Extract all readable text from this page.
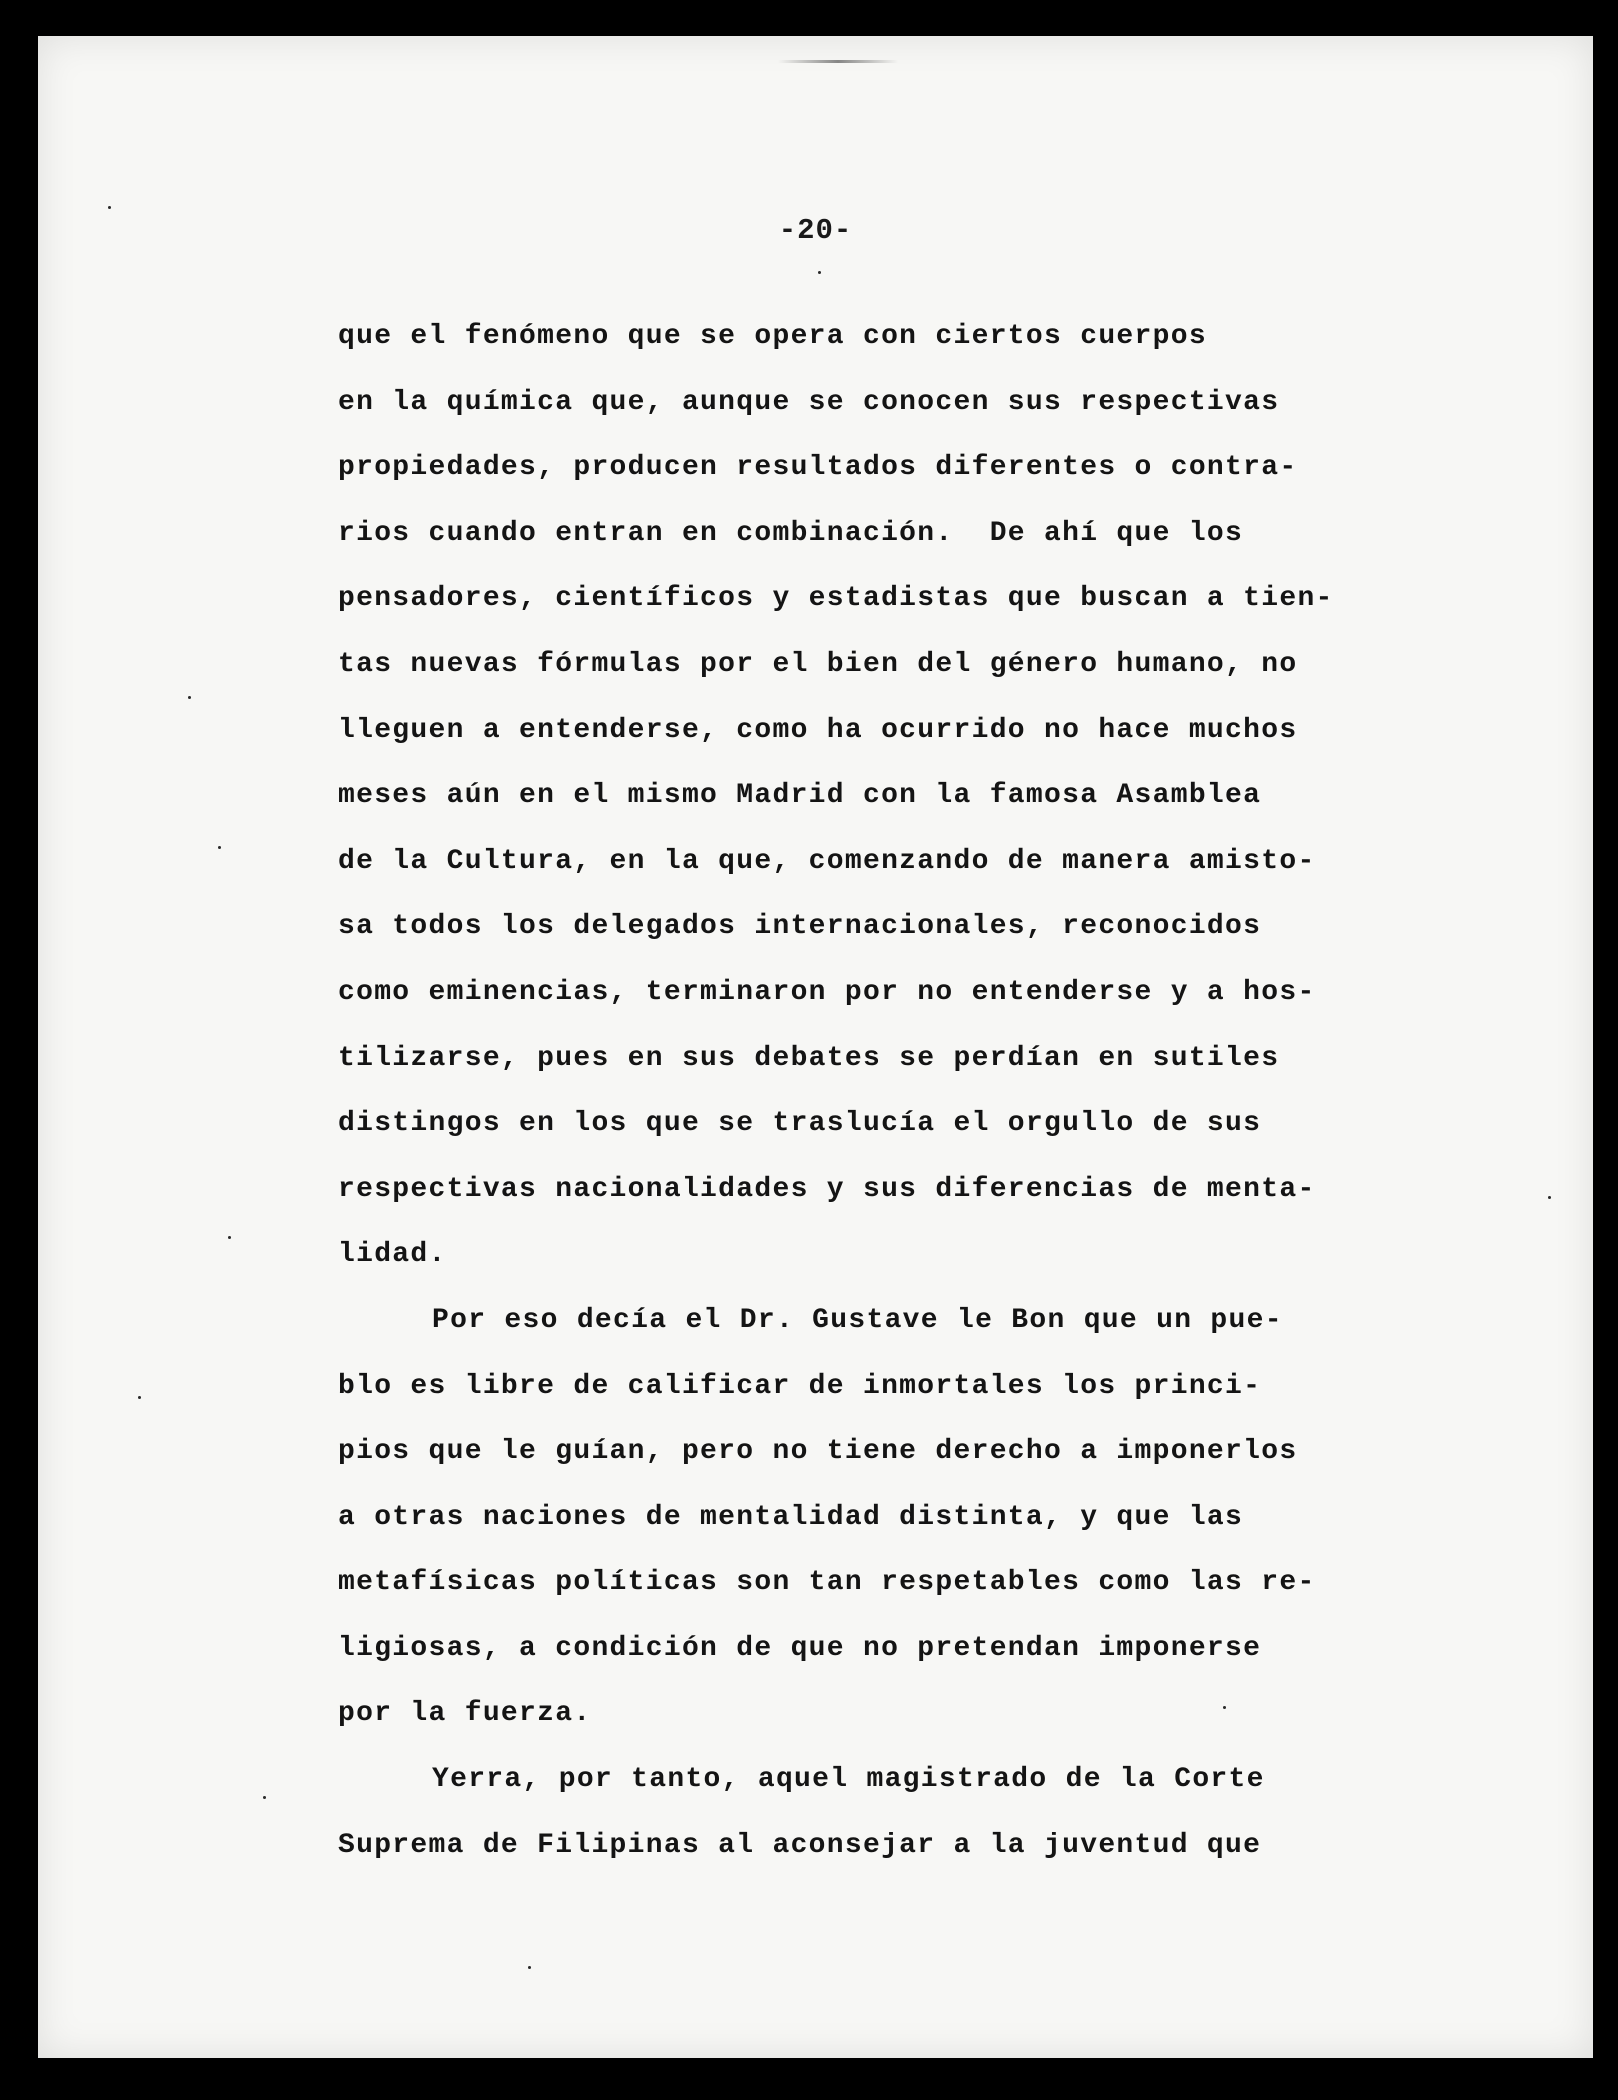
-20-
que el fenómeno que se opera con ciertos cuerpos
en la química que, aunque se conocen sus respectivas
propiedades, producen resultados diferentes o contra-
rios cuando entran en combinación.  De ahí que los
pensadores, científicos y estadistas que buscan a tien-
tas nuevas fórmulas por el bien del género humano, no
lleguen a entenderse, como ha ocurrido no hace muchos
meses aún en el mismo Madrid con la famosa Asamblea
de la Cultura, en la que, comenzando de manera amisto-
sa todos los delegados internacionales, reconocidos
como eminencias, terminaron por no entenderse y a hos-
tilizarse, pues en sus debates se perdían en sutiles
distingos en los que se traslucía el orgullo de sus
respectivas nacionalidades y sus diferencias de menta-
lidad.
Por eso decía el Dr. Gustave le Bon que un pue-
blo es libre de calificar de inmortales los princi-
pios que le guían, pero no tiene derecho a imponerlos
a otras naciones de mentalidad distinta, y que las
metafísicas políticas son tan respetables como las re-
ligiosas, a condición de que no pretendan imponerse
por la fuerza.
Yerra, por tanto, aquel magistrado de la Corte
Suprema de Filipinas al aconsejar a la juventud que
